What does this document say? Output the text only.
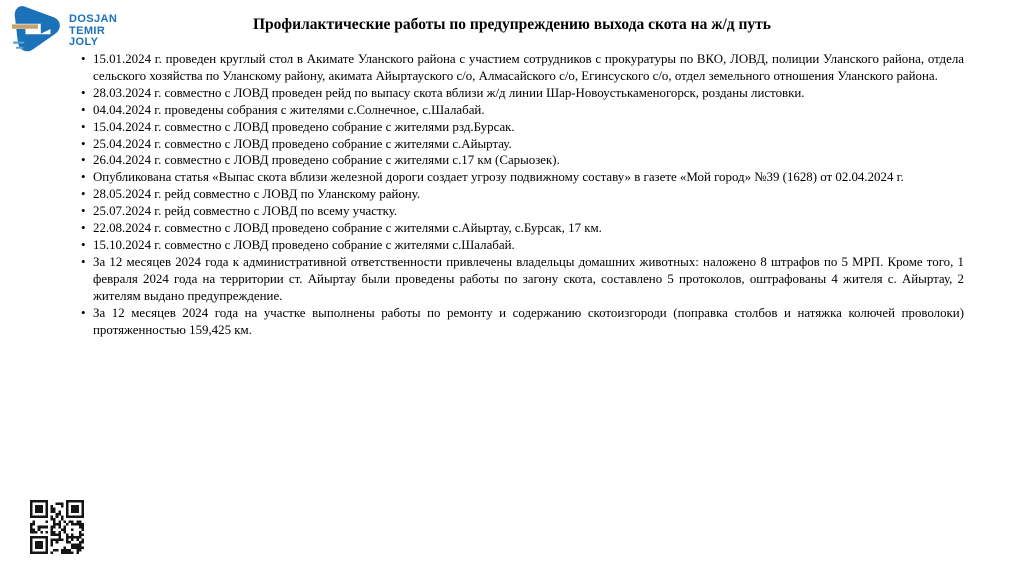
DOSJAN
TEMIR
JOLY
Профилактические работы по предупреждению выхода скота на ж/д путь
• 15.01.2024 г. проведен круглый стол в Акимате Уланского района с участием сотрудников с прокуратуры по ВКО, ЛОВД, полиции Уланского района, отдела сельского хозяйства по Уланскому району, акимата Айыртауского с/о, Алмасайского с/о, Егинсуского с/о, отдел земельного отношения Уланского района.
• 28.03.2024 г. совместно с ЛОВД проведен рейд по выпасу скота вблизи ж/д линии Шар-Новоустькаменогорск, розданы листовки.
• 04.04.2024 г. проведены собрания с жителями с.Солнечное, с.Шалабай.
• 15.04.2024 г. совместно с ЛОВД проведено собрание с жителями рзд.Бурсак.
• 25.04.2024 г. совместно с ЛОВД проведено собрание с жителями с.Айыртау.
• 26.04.2024 г. совместно с ЛОВД проведено собрание с жителями с.17 км (Сарыозек).
• Опубликована статья «Выпас скота вблизи железной дороги создает угрозу подвижному составу» в газете «Мой город» №39 (1628) от 02.04.2024 г.
• 28.05.2024 г. рейд совместно с ЛОВД по Уланскому району.
• 25.07.2024 г. рейд совместно с ЛОВД по всему участку.
• 22.08.2024 г. совместно с ЛОВД проведено собрание с жителями с.Айыртау, с.Бурсак, 17 км.
• 15.10.2024 г. совместно с ЛОВД проведено собрание с жителями с.Шалабай.
• За 12 месяцев 2024 года к административной ответственности привлечены владельцы домашних животных: наложено 8 штрафов по 5 МРП. Кроме того, 1 февраля 2024 года на территории ст. Айыртау были проведены работы по загону скота, составлено 5 протоколов, оштрафованы 4 жителя с. Айыртау, 2 жителям выдано предупреждение.
• За 12 месяцев 2024 года на участке выполнены работы по ремонту и содержанию скотоизгороди (поправка столбов и натяжка колючей проволоки) протяженностью 159,425 км.
